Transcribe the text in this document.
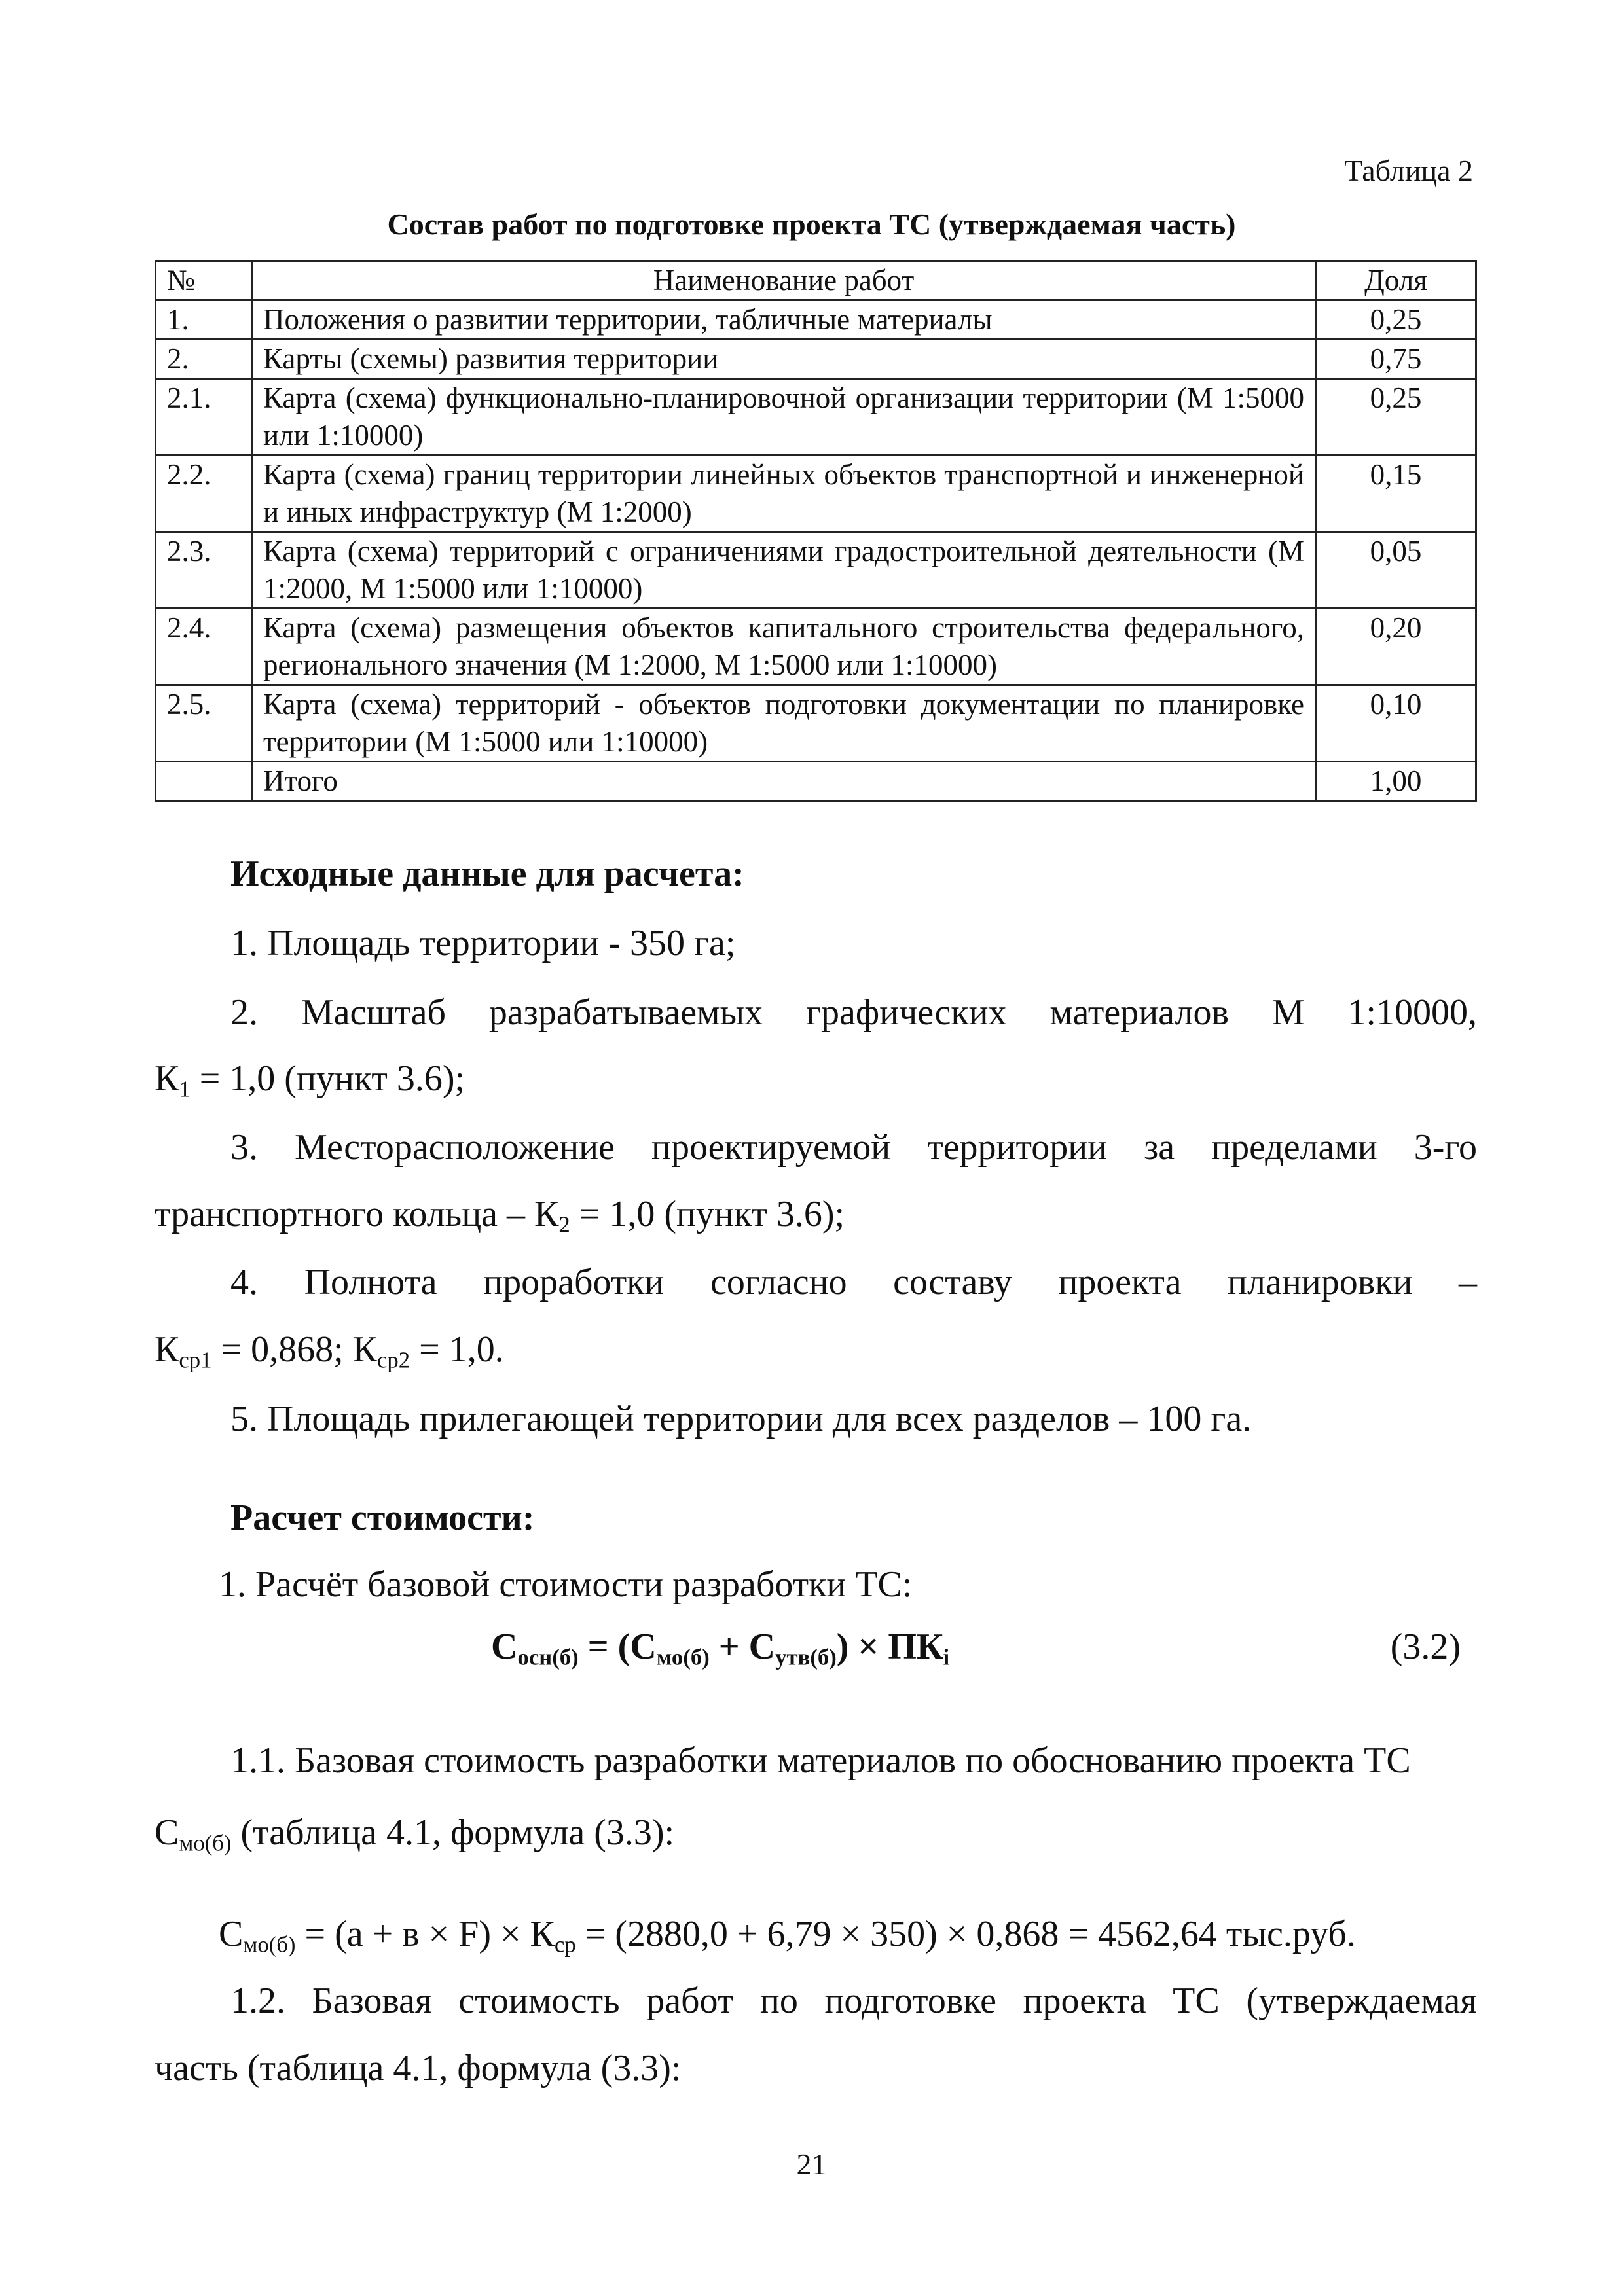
Таблица 2
Состав работ по подготовке проекта ТС (утверждаемая часть)
№	Наименование работ	Доля
1.	Положения о развитии территории, табличные материалы	0,25
2.	Карты (схемы) развития территории	0,75
2.1.	Карта (схема) функционально-планировочной организации территории (М 1:5000 или 1:10000)	0,25
2.2.	Карта (схема) границ территории линейных объектов транспортной и инженерной и иных инфраструктур (М 1:2000)	0,15
2.3.	Карта (схема) территорий с ограничениями градостроительной деятельности (М 1:2000, М 1:5000 или 1:10000)	0,05
2.4.	Карта (схема) размещения объектов капитального строительства федерального, регионального значения (М 1:2000, М 1:5000 или 1:10000)	0,20
2.5.	Карта (схема) территорий - объектов подготовки документации по планировке территории (М 1:5000 или 1:10000)	0,10
	Итого	1,00
Исходные данные для расчета:
1. Площадь территории - 350 га;
2. Масштаб разрабатываемых графических материалов М 1:10000,
$К_1 = 1,0$ (пункт 3.6);
3. Месторасположение проектируемой территории за пределами 3-го
транспортного кольца – $К_2 = 1,0$ (пункт 3.6);
4. Полнота проработки согласно составу проекта планировки –
$К_{ср1} = 0,868$; $К_{ср2} = 1,0$.
5. Площадь прилегающей территории для всех разделов – 100 га.
Расчет стоимости:
1. Расчёт базовой стоимости разработки ТС:
$С_{осн(б)} = (С_{мо(б)} + С_{утв(б)}) \times ПК_i$	(3.2)
1.1. Базовая стоимость разработки материалов по обоснованию проекта ТС
$С_{мо(б)}$ (таблица 4.1, формула (3.3):
$С_{мо(б)} = (a + в \times F) \times К_{ср} = (2880,0 + 6,79 \times 350) \times 0,868 = 4562,64$ тыс.руб.
1.2. Базовая стоимость работ по подготовке проекта ТС (утверждаемая
часть (таблица 4.1, формула (3.3):
21
